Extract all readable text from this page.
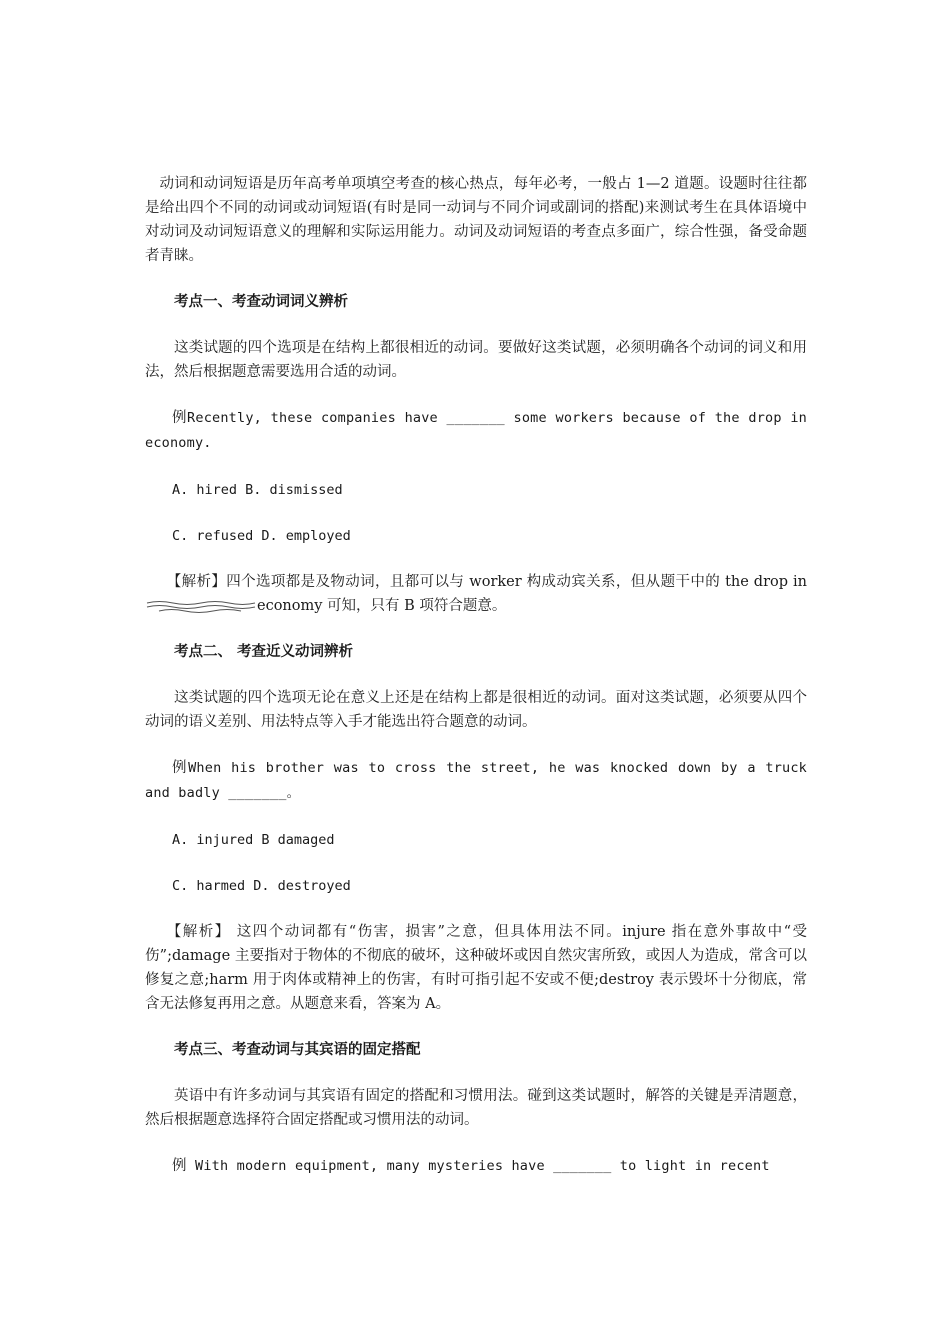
动词和动词短语是历年高考单项填空考查的核心热点，每年必考，一般占 1—2 道题。设题时往往都是给出四个不同的动词或动词短语(有时是同一动词与不同介词或副词的搭配)来测试考生在具体语境中对动词及动词短语意义的理解和实际运用能力。动词及动词短语的考查点多面广，综合性强，备受命题者青睐。

考点一、考查动词词义辨析

这类试题的四个选项是在结构上都很相近的动词。要做好这类试题，必须明确各个动词的词义和用法，然后根据题意需要选用合适的动词。

例Recently, these companies have _______ some workers because of the drop in economy.

A. hired B. dismissed

C. refused D. employed

【解析】四个选项都是及物动词，且都可以与 worker 构成动宾关系，但从题干中的 the drop in
economy 可知，只有 B 项符合题意。

考点二、 考查近义动词辨析

这类试题的四个选项无论在意义上还是在结构上都是很相近的动词。面对这类试题，必须要从四个动词的语义差别、用法特点等入手才能选出符合题意的动词。

例When his brother was to cross the street, he was knocked down by a truck and badly _______。

A. injured B damaged

C. harmed D. destroyed

【解析】 这四个动词都有“伤害，损害”之意，但具体用法不同。injure 指在意外事故中“受伤”;damage 主要指对于物体的不彻底的破坏，这种破坏或因自然灾害所致，或因人为造成，常含可以修复之意;harm 用于肉体或精神上的伤害，有时可指引起不安或不便;destroy 表示毁坏十分彻底，常含无法修复再用之意。从题意来看，答案为 A。

考点三、考查动词与其宾语的固定搭配

英语中有许多动词与其宾语有固定的搭配和习惯用法。碰到这类试题时，解答的关键是弄清题意，然后根据题意选择符合固定搭配或习惯用法的动词。

例 With modern equipment, many mysteries have _______ to light in recent
